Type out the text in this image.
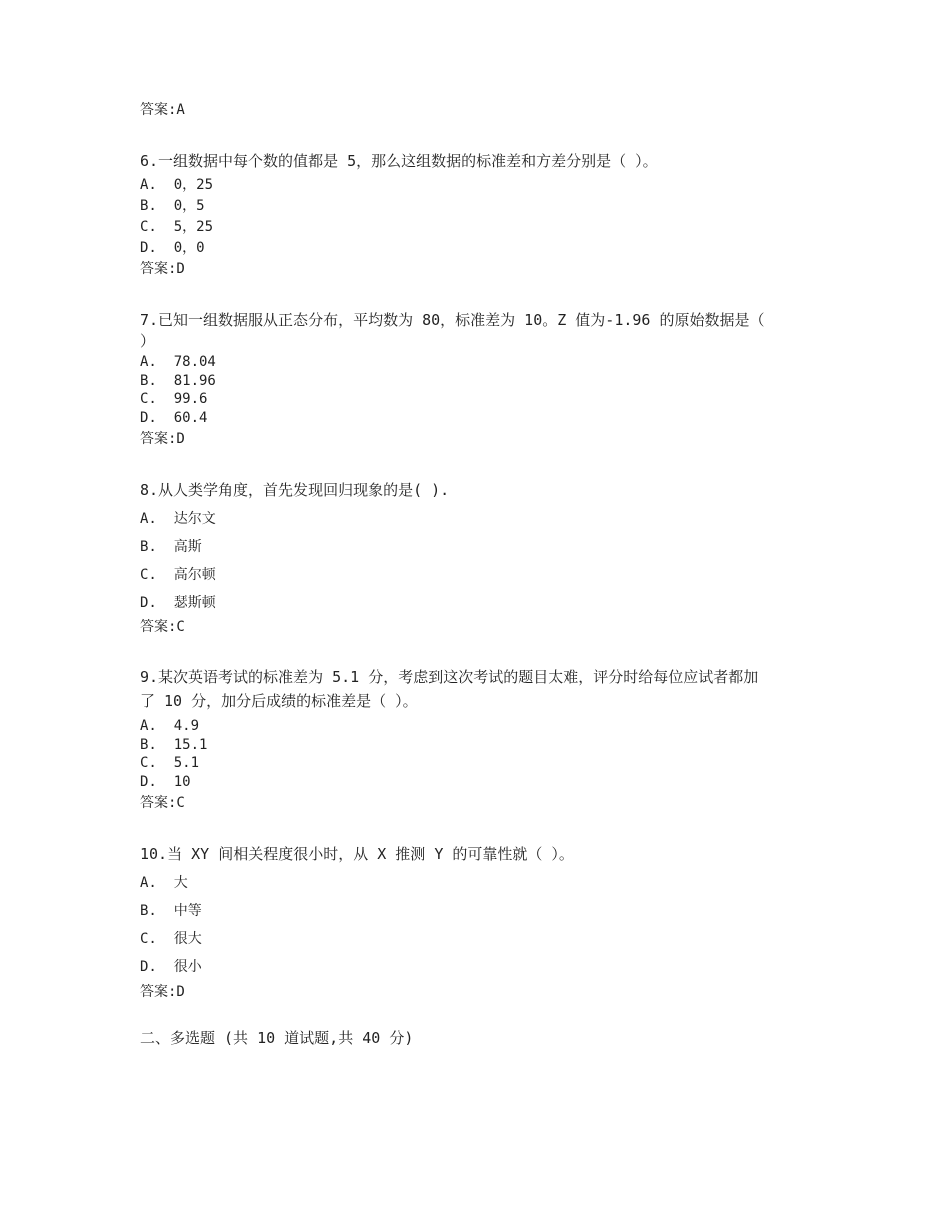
答案:A
6.一组数据中每个数的值都是 5，那么这组数据的标准差和方差分别是（ ）。
A.  0，25
B.  0，5
C.  5，25
D.  0，0
答案:D
7.已知一组数据服从正态分布，平均数为 80，标准差为 10。Z 值为-1.96 的原始数据是（
）
A.  78.04
B.  81.96
C.  99.6
D.  60.4
答案:D
8.从人类学角度，首先发现回归现象的是( ).
A.  达尔文
B.  高斯
C.  高尔顿
D.  瑟斯顿
答案:C
9.某次英语考试的标准差为 5.1 分，考虑到这次考试的题目太难，评分时给每位应试者都加
了 10 分，加分后成绩的标准差是（ ）。
A.  4.9
B.  15.1
C.  5.1
D.  10
答案:C
10.当 XY 间相关程度很小时，从 X 推测 Y 的可靠性就（ ）。
A.  大
B.  中等
C.  很大
D.  很小
答案:D
二、多选题 (共 10 道试题,共 40 分)
